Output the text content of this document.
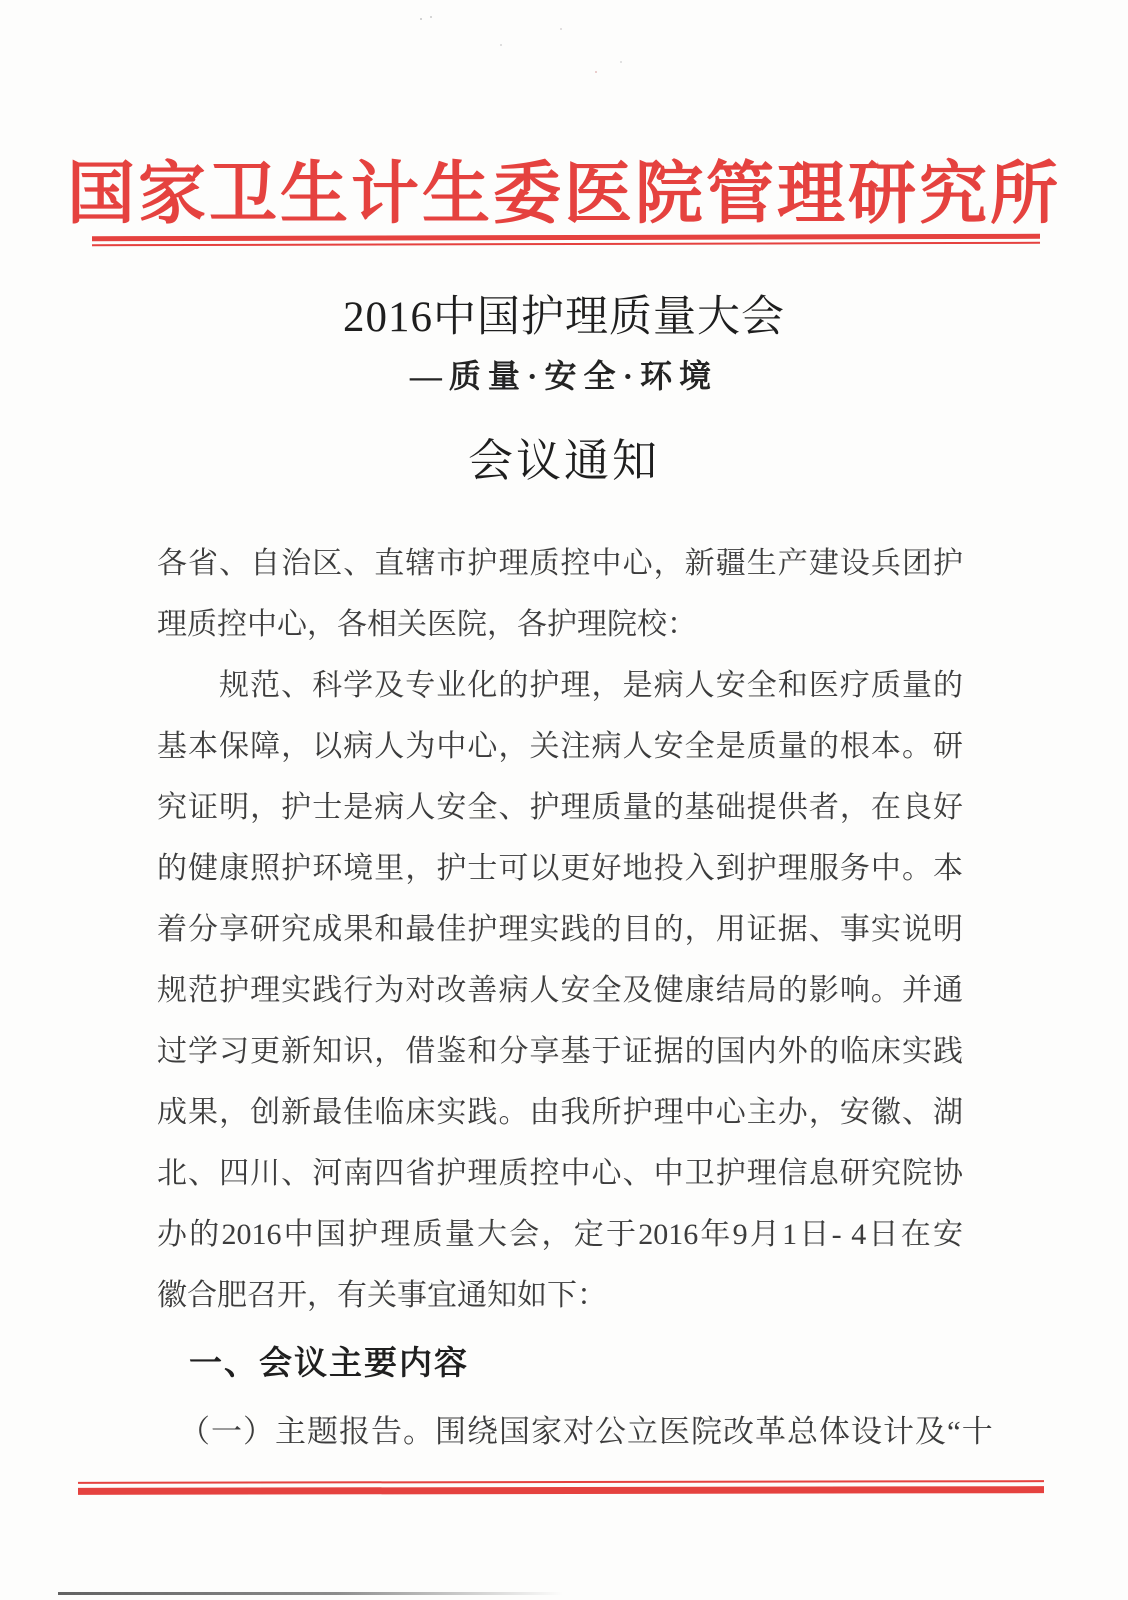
国家卫生计生委医院管理研究所
2016中国护理质量大会
—质量·安全·环境
会议通知
各省、自治区、直辖市护理质控中心，新疆生产建设兵团护
理质控中心，各相关医院，各护理院校：
规范、科学及专业化的护理，是病人安全和医疗质量的
基本保障，以病人为中心，关注病人安全是质量的根本。研
究证明，护士是病人安全、护理质量的基础提供者，在良好
的健康照护环境里，护士可以更好地投入到护理服务中。本
着分享研究成果和最佳护理实践的目的，用证据、事实说明
规范护理实践行为对改善病人安全及健康结局的影响。并通
过学习更新知识，借鉴和分享基于证据的国内外的临床实践
成果，创新最佳临床实践。由我所护理中心主办，安徽、湖
北、四川、河南四省护理质控中心、中卫护理信息研究院协
办的2016中国护理质量大会，定于2016年9月1日- 4日在安
徽合肥召开，有关事宜通知如下：
一、会议主要内容
（一）主题报告。围绕国家对公立医院改革总体设计及“十
